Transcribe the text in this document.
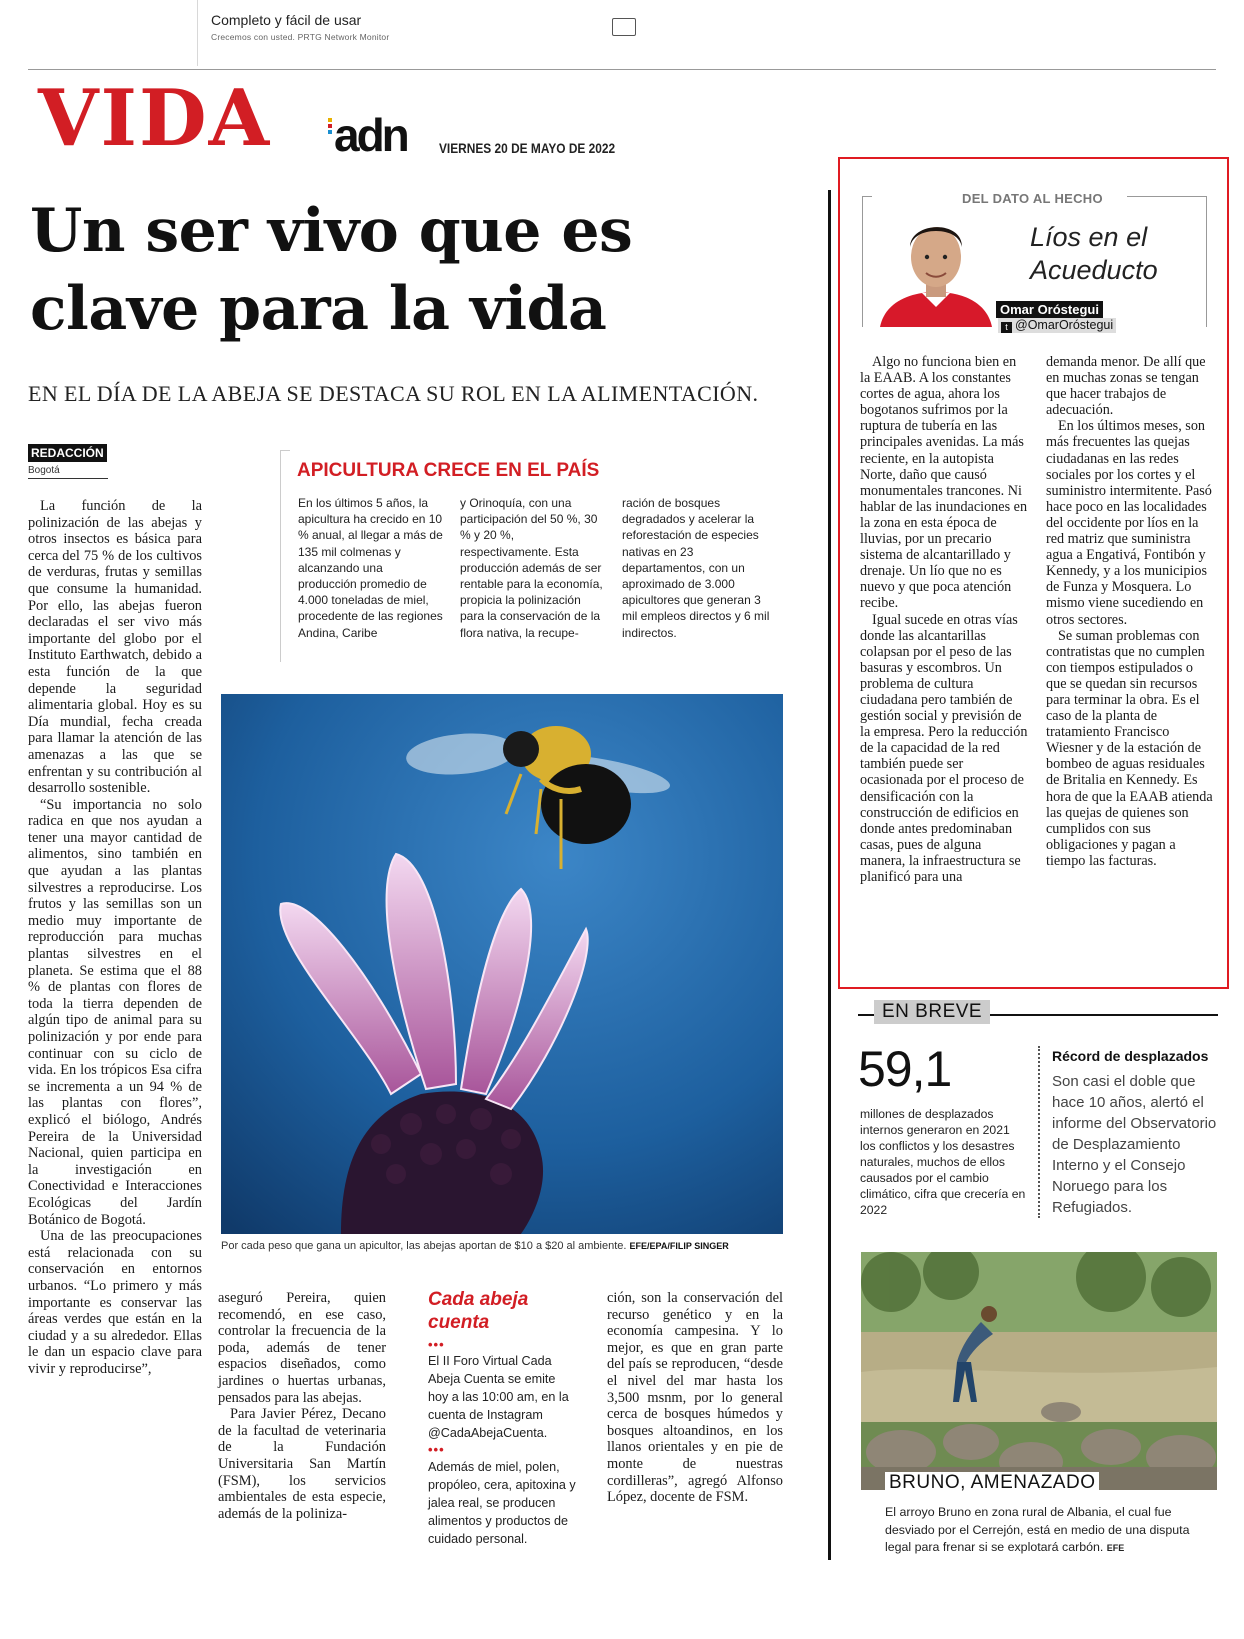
Completo y fácil de usar
Crecemos con usted. PRTG Network Monitor
VIDA adn VIERNES 20 DE MAYO DE 2022
Un ser vivo que es clave para la vida
EN EL DÍA DE LA ABEJA SE DESTACA SU ROL EN LA ALIMENTACIÓN.
REDACCIÓN
Bogotá

La función de la polinización de las abejas y otros insectos es básica para cerca del 75 % de los cultivos de verduras, frutas y semillas que consume la humanidad. Por ello, las abejas fueron declaradas el ser vivo más importante del globo por el Instituto Earthwatch, debido a esta función de la que depende la seguridad alimentaria global. Hoy es su Día mundial, fecha creada para llamar la atención de las amenazas a las que se enfrentan y su contribución al desarrollo sostenible.

“Su importancia no solo radica en que nos ayudan a tener una mayor cantidad de alimentos, sino también en que ayudan a las plantas silvestres a reproducirse. Los frutos y las semillas son un medio muy importante de reproducción para muchas plantas silvestres en el planeta. Se estima que el 88 % de plantas con flores de toda la tierra dependen de algún tipo de animal para su polinización y por ende para continuar con su ciclo de vida. En los trópicos Esa cifra se incrementa a un 94 % de las plantas con flores”, explicó el biólogo, Andrés Pereira de la Universidad Nacional, quien participa en la investigación en Conectividad e Interacciones Ecológicas del Jardín Botánico de Bogotá.

Una de las preocupaciones está relacionada con su conservación en entornos urbanos. “Lo primero y más importante es conservar las áreas verdes que están en la ciudad y a su alrededor. Ellas le dan un espacio clave para vivir y reproducirse”,

APICULTURA CRECE EN EL PAÍS
En los últimos 5 años, la apicultura ha crecido en 10 % anual, al llegar a más de 135 mil colmenas y alcanzando una producción promedio de 4.000 toneladas de miel, procedente de las regiones Andina, Caribe
y Orinoquía, con una participación del 50 %, 30 % y 20 %, respectivamente. Esta producción además de ser rentable para la economía, propicia la polinización para la conservación de la flora nativa, la recupe-
ración de bosques degradados y acelerar la reforestación de especies nativas en 23 departamentos, con un aproximado de 3.000 apicultores que generan 3 mil empleos directos y 6 mil indirectos.
Por cada peso que gana un apicultor, las abejas aportan de $10 a $20 al ambiente. EFE/EPA/FILIP SINGER

aseguró Pereira, quien recomendó, en ese caso, controlar la frecuencia de la poda, además de tener espacios diseñados, como jardines o huertas urbanas, pensados para las abejas.

Para Javier Pérez, Decano de la facultad de veterinaria de la Fundación Universitaria San Martín (FSM), los servicios ambientales de esta especie, además de la poliniza-

Cada abeja cuenta
•••
El II Foro Virtual Cada Abeja Cuenta se emite hoy a las 10:00 am, en la cuenta de Instagram @CadaAbejaCuenta.
•••
Además de miel, polen, propóleo, cera, apitoxina y jalea real, se producen alimentos y productos de cuidado personal.

ción, son la conservación del recurso genético y en la economía campesina. Y lo mejor, es que en gran parte del país se reproducen, “desde el nivel del mar hasta los 3,500 msnm, por lo general cerca de bosques húmedos y bosques altoandinos, en los llanos orientales y en pie de monte de nuestras cordilleras”, agregó Alfonso López, docente de FSM.

DEL DATO AL HECHO
Líos en el Acueducto
Omar Oróstegui
t @OmarOróstegui

Algo no funciona bien en la EAAB. A los constantes cortes de agua, ahora los bogotanos sufrimos por la ruptura de tubería en las principales avenidas. La más reciente, en la autopista Norte, daño que causó monumentales trancones. Ni hablar de las inundaciones en la zona en esta época de lluvias, por un precario sistema de alcantarillado y drenaje. Un lío que no es nuevo y que poca atención recibe.

Igual sucede en otras vías donde las alcantarillas colapsan por el peso de las basuras y escombros. Un problema de cultura ciudadana pero también de gestión social y previsión de la empresa. Pero la reducción de la capacidad de la red también puede ser ocasionada por el proceso de densificación con la construcción de edificios en donde antes predominaban casas, pues de alguna manera, la infraestructura se planificó para una

demanda menor. De allí que en muchas zonas se tengan que hacer trabajos de adecuación.

En los últimos meses, son más frecuentes las quejas ciudadanas en las redes sociales por los cortes y el suministro intermitente. Pasó hace poco en las localidades del occidente por líos en la red matriz que suministra agua a Engativá, Fontibón y Kennedy, y a los municipios de Funza y Mosquera. Lo mismo viene sucediendo en otros sectores.

Se suman problemas con contratistas que no cumplen con tiempos estipulados o que se quedan sin recursos para terminar la obra. Es el caso de la planta de tratamiento Francisco Wiesner y de la estación de bombeo de aguas residuales de Britalia en Kennedy. Es hora de que la EAAB atienda las quejas de quienes son cumplidos con sus obligaciones y pagan a tiempo las facturas.

EN BREVE
59,1
millones de desplazados internos generaron en 2021 los conflictos y los desastres naturales, muchos de ellos causados por el cambio climático, cifra que crecería en 2022
Récord de desplazados
Son casi el doble que hace 10 años, alertó el informe del Observatorio de Desplazamiento Interno y el Consejo Noruego para los Refugiados.
BRUNO, AMENAZADO
El arroyo Bruno en zona rural de Albania, el cual fue desviado por el Cerrejón, está en medio de una disputa legal para frenar si se explotará carbón. EFE
